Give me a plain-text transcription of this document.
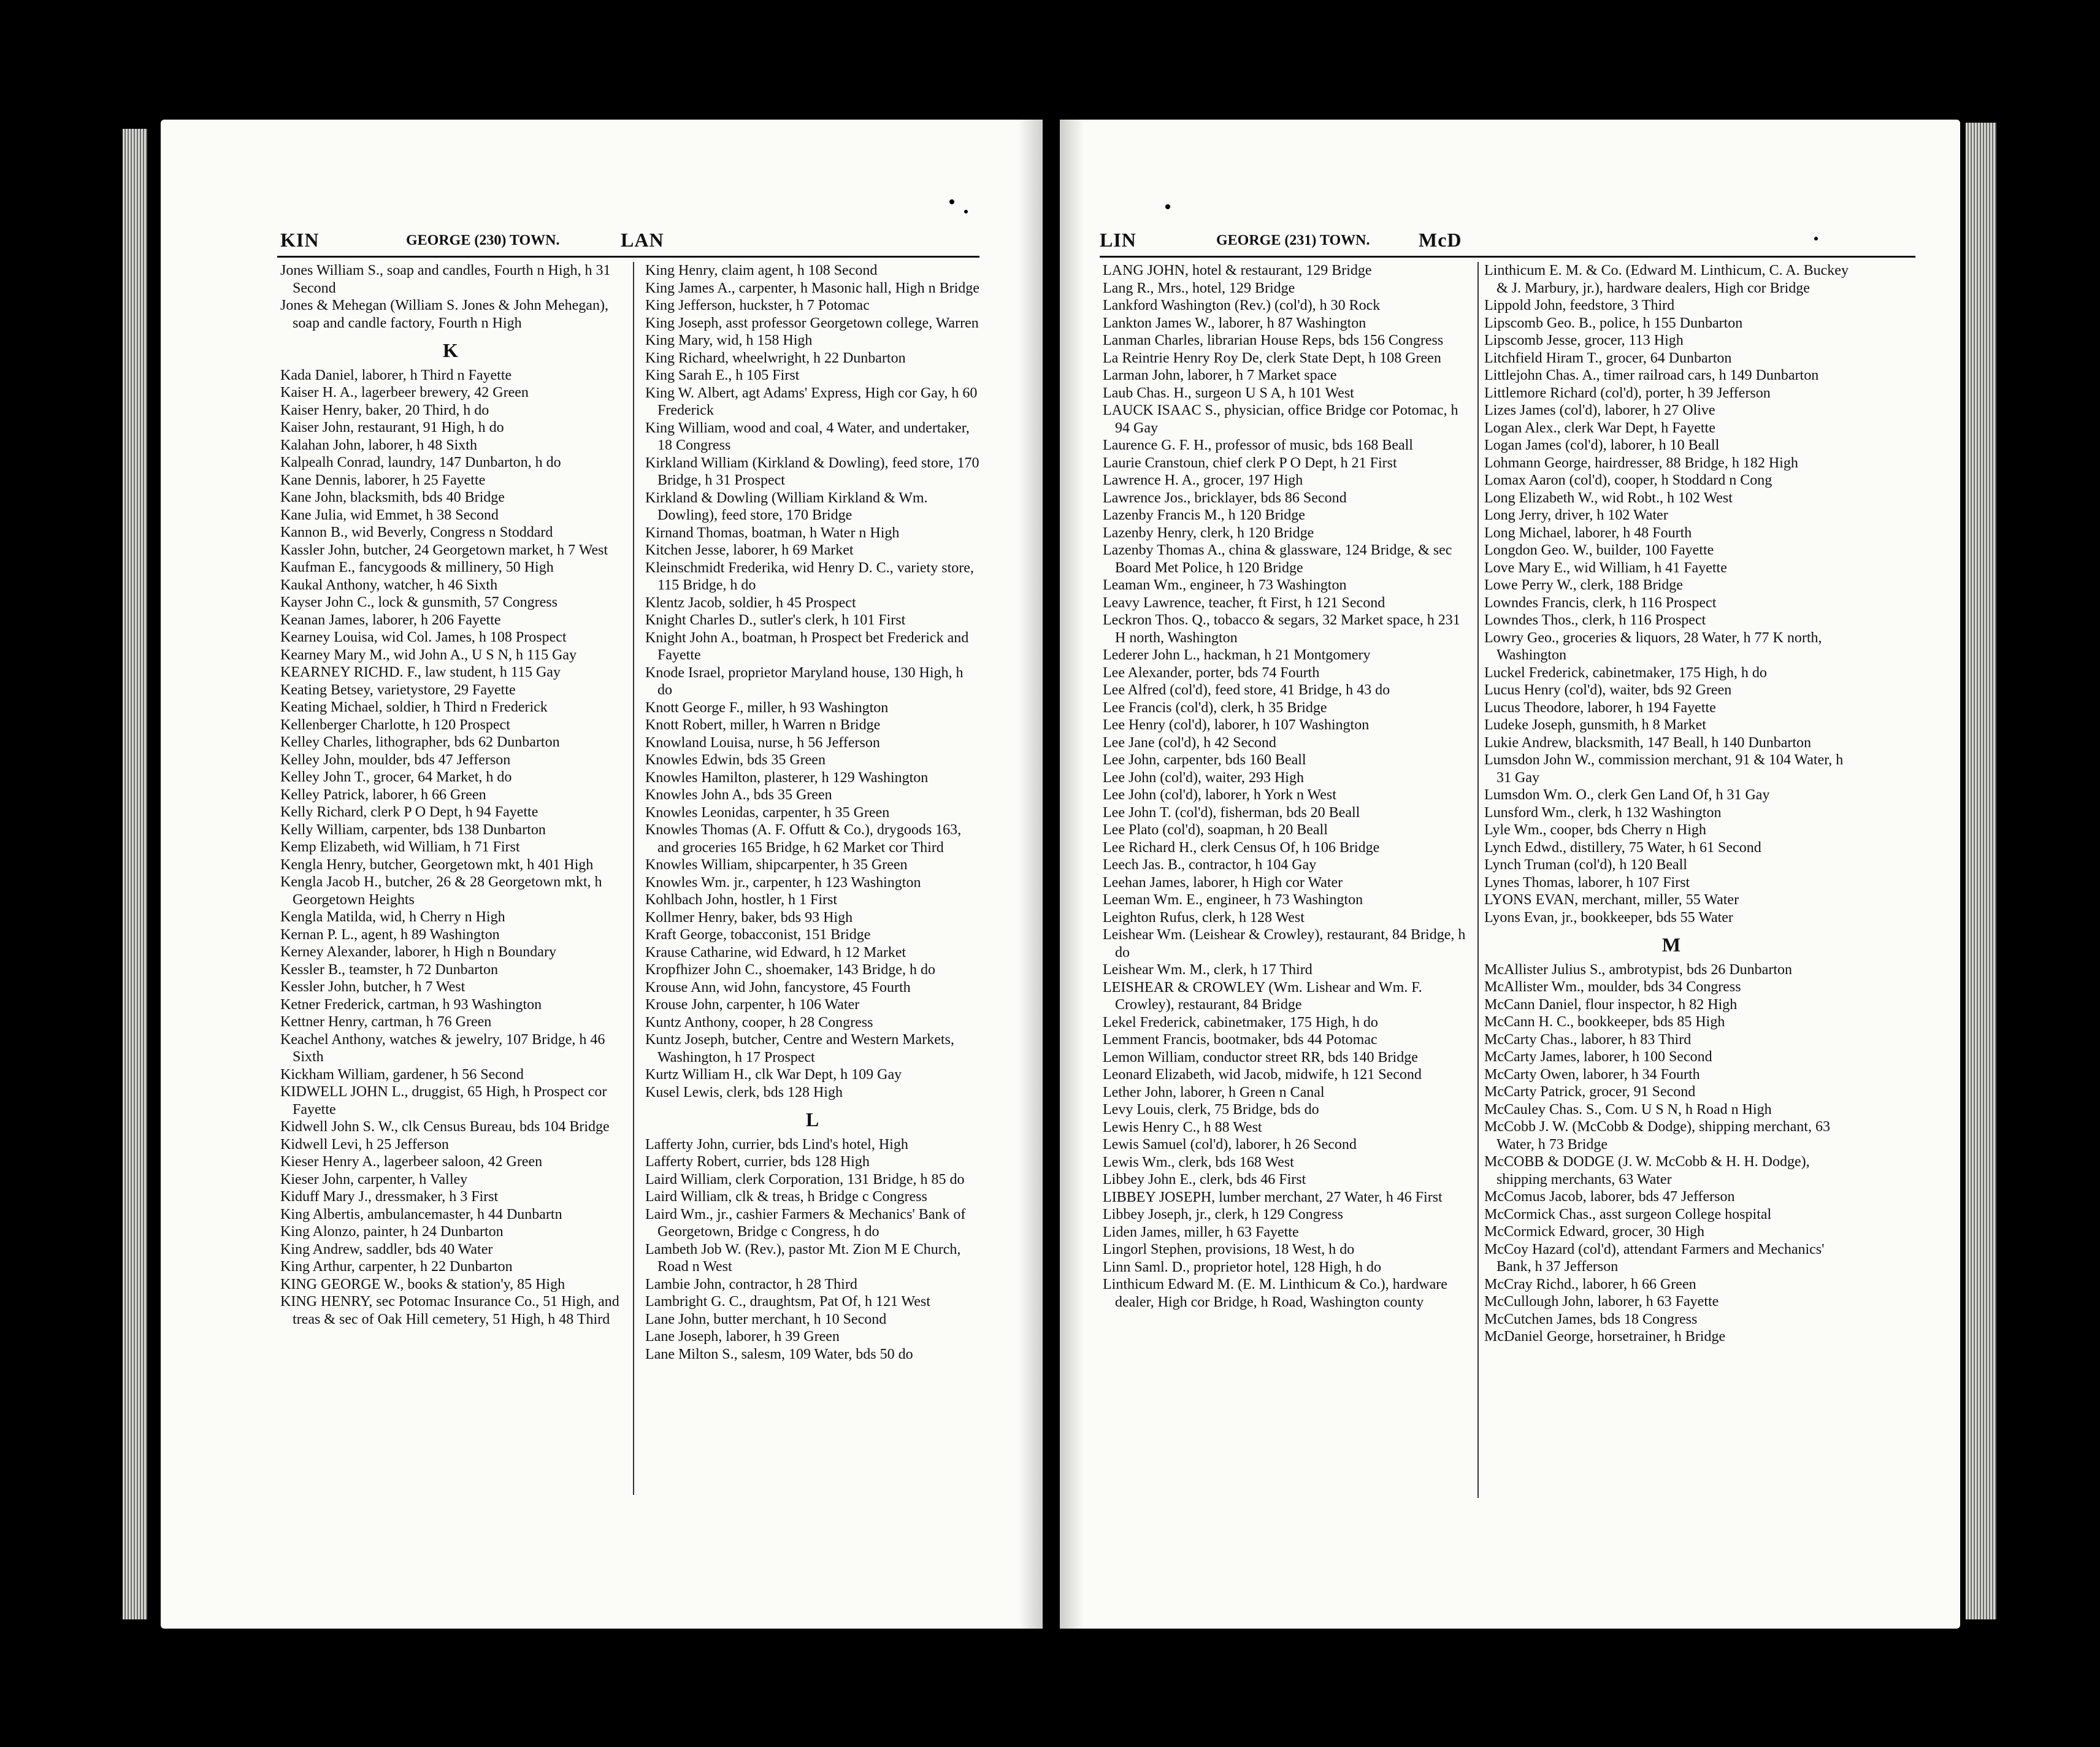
KIN	GEORGE (230) TOWN.	LAN

Jones William S., soap and candles, Fourth n High, h 31 Second

Jones & Mehegan (William S. Jones & John Mehegan), soap and candle factory, Fourth n High

K

Kada Daniel, laborer, h Third n Fayette

Kaiser H. A., lagerbeer brewery, 42 Green

Kaiser Henry, baker, 20 Third, h do

Kaiser John, restaurant, 91 High, h do

Kalahan John, laborer, h 48 Sixth

Kalpealh Conrad, laundry, 147 Dunbarton, h do

Kane Dennis, laborer, h 25 Fayette

Kane John, blacksmith, bds 40 Bridge

Kane Julia, wid Emmet, h 38 Second

Kannon B., wid Beverly, Congress n Stoddard

Kassler John, butcher, 24 Georgetown market, h 7 West

Kaufman E., fancygoods & millinery, 50 High

Kaukal Anthony, watcher, h 46 Sixth

Kayser John C., lock & gunsmith, 57 Congress

Keanan James, laborer, h 206 Fayette

Kearney Louisa, wid Col. James, h 108 Prospect

Kearney Mary M., wid John A., U S N, h 115 Gay

KEARNEY RICHD. F., law student, h 115 Gay

Keating Betsey, varietystore, 29 Fayette

Keating Michael, soldier, h Third n Frederick

Kellenberger Charlotte, h 120 Prospect

Kelley Charles, lithographer, bds 62 Dunbarton

Kelley John, moulder, bds 47 Jefferson

Kelley John T., grocer, 64 Market, h do

Kelley Patrick, laborer, h 66 Green

Kelly Richard, clerk P O Dept, h 94 Fayette

Kelly William, carpenter, bds 138 Dunbarton

Kemp Elizabeth, wid William, h 71 First

Kengla Henry, butcher, Georgetown mkt, h 401 High

Kengla Jacob H., butcher, 26 & 28 Georgetown mkt, h Georgetown Heights

Kengla Matilda, wid, h Cherry n High

Kernan P. L., agent, h 89 Washington

Kerney Alexander, laborer, h High n Boundary

Kessler B., teamster, h 72 Dunbarton

Kessler John, butcher, h 7 West

Ketner Frederick, cartman, h 93 Washington

Kettner Henry, cartman, h 76 Green

Keachel Anthony, watches & jewelry, 107 Bridge, h 46 Sixth

Kickham William, gardener, h 56 Second

KIDWELL JOHN L., druggist, 65 High, h Prospect cor Fayette

Kidwell John S. W., clk Census Bureau, bds 104 Bridge

Kidwell Levi, h 25 Jefferson

Kieser Henry A., lagerbeer saloon, 42 Green

Kieser John, carpenter, h Valley

Kiduff Mary J., dressmaker, h 3 First

King Albertis, ambulancemaster, h 44 Dunbartn

King Alonzo, painter, h 24 Dunbarton

King Andrew, saddler, bds 40 Water

King Arthur, carpenter, h 22 Dunbarton

KING GEORGE W., books & station'y, 85 High

KING HENRY, sec Potomac Insurance Co., 51 High, and treas & sec of Oak Hill cemetery, 51 High, h 48 Third

King Henry, claim agent, h 108 Second

King James A., carpenter, h Masonic hall, High n Bridge

King Jefferson, huckster, h 7 Potomac

King Joseph, asst professor Georgetown college, Warren

King Mary, wid, h 158 High

King Richard, wheelwright, h 22 Dunbarton

King Sarah E., h 105 First

King W. Albert, agt Adams' Express, High cor Gay, h 60 Frederick

King William, wood and coal, 4 Water, and undertaker, 18 Congress

Kirkland William (Kirkland & Dowling), feed store, 170 Bridge, h 31 Prospect

Kirkland & Dowling (William Kirkland & Wm. Dowling), feed store, 170 Bridge

Kirnand Thomas, boatman, h Water n High

Kitchen Jesse, laborer, h 69 Market

Kleinschmidt Frederika, wid Henry D. C., variety store, 115 Bridge, h do

Klentz Jacob, soldier, h 45 Prospect

Knight Charles D., sutler's clerk, h 101 First

Knight John A., boatman, h Prospect bet Frederick and Fayette

Knode Israel, proprietor Maryland house, 130 High, h do

Knott George F., miller, h 93 Washington

Knott Robert, miller, h Warren n Bridge

Knowland Louisa, nurse, h 56 Jefferson

Knowles Edwin, bds 35 Green

Knowles Hamilton, plasterer, h 129 Washington

Knowles John A., bds 35 Green

Knowles Leonidas, carpenter, h 35 Green

Knowles Thomas (A. F. Offutt & Co.), drygoods 163, and groceries 165 Bridge, h 62 Market cor Third

Knowles William, shipcarpenter, h 35 Green

Knowles Wm. jr., carpenter, h 123 Washington

Kohlbach John, hostler, h 1 First

Kollmer Henry, baker, bds 93 High

Kraft George, tobacconist, 151 Bridge

Krause Catharine, wid Edward, h 12 Market

Kropfhizer John C., shoemaker, 143 Bridge, h do

Krouse Ann, wid John, fancystore, 45 Fourth

Krouse John, carpenter, h 106 Water

Kuntz Anthony, cooper, h 28 Congress

Kuntz Joseph, butcher, Centre and Western Markets, Washington, h 17 Prospect

Kurtz William H., clk War Dept, h 109 Gay

Kusel Lewis, clerk, bds 128 High

L

Lafferty John, currier, bds Lind's hotel, High

Lafferty Robert, currier, bds 128 High

Laird William, clerk Corporation, 131 Bridge, h 85 do

Laird William, clk & treas, h Bridge c Congress

Laird Wm., jr., cashier Farmers & Mechanics' Bank of Georgetown, Bridge c Congress, h do

Lambeth Job W. (Rev.), pastor Mt. Zion M E Church, Road n West

Lambie John, contractor, h 28 Third

Lambright G. C., draughtsm, Pat Of, h 121 West

Lane John, butter merchant, h 10 Second

Lane Joseph, laborer, h 39 Green

Lane Milton S., salesm, 109 Water, bds 50 do

LIN	GEORGE (231) TOWN. McD

LANG JOHN, hotel & restaurant, 129 Bridge

Lang R., Mrs., hotel, 129 Bridge

Lankford Washington (Rev.) (col'd), h 30 Rock

Lankton James W., laborer, h 87 Washington

Lanman Charles, librarian House Reps, bds 156 Congress

La Reintrie Henry Roy De, clerk State Dept, h 108 Green

Larman John, laborer, h 7 Market space

Laub Chas. H., surgeon U S A, h 101 West

LAUCK ISAAC S., physician, office Bridge cor Potomac, h 94 Gay

Laurence G. F. H., professor of music, bds 168 Beall

Laurie Cranstoun, chief clerk P O Dept, h 21 First

Lawrence H. A., grocer, 197 High

Lawrence Jos., bricklayer, bds 86 Second

Lazenby Francis M., h 120 Bridge

Lazenby Henry, clerk, h 120 Bridge

Lazenby Thomas A., china & glassware, 124 Bridge, & sec Board Met Police, h 120 Bridge

Leaman Wm., engineer, h 73 Washington

Leavy Lawrence, teacher, ft First, h 121 Second

Leckron Thos. Q., tobacco & segars, 32 Market space, h 231 H north, Washington

Lederer John L., hackman, h 21 Montgomery

Lee Alexander, porter, bds 74 Fourth

Lee Alfred (col'd), feed store, 41 Bridge, h 43 do

Lee Francis (col'd), clerk, h 35 Bridge

Lee Henry (col'd), laborer, h 107 Washington

Lee Jane (col'd), h 42 Second

Lee John, carpenter, bds 160 Beall

Lee John (col'd), waiter, 293 High

Lee John (col'd), laborer, h York n West

Lee John T. (col'd), fisherman, bds 20 Beall

Lee Plato (col'd), soapman, h 20 Beall

Lee Richard H., clerk Census Of, h 106 Bridge

Leech Jas. B., contractor, h 104 Gay

Leehan James, laborer, h High cor Water

Leeman Wm. E., engineer, h 73 Washington

Leighton Rufus, clerk, h 128 West

Leishear Wm. (Leishear & Crowley), restaurant, 84 Bridge, h do

Leishear Wm. M., clerk, h 17 Third

LEISHEAR & CROWLEY (Wm. Lishear and Wm. F. Crowley), restaurant, 84 Bridge

Lekel Frederick, cabinetmaker, 175 High, h do

Lemment Francis, bootmaker, bds 44 Potomac

Lemon William, conductor street RR, bds 140 Bridge

Leonard Elizabeth, wid Jacob, midwife, h 121 Second

Lether John, laborer, h Green n Canal

Levy Louis, clerk, 75 Bridge, bds do

Lewis Henry C., h 88 West

Lewis Samuel (col'd), laborer, h 26 Second

Lewis Wm., clerk, bds 168 West

Libbey John E., clerk, bds 46 First

LIBBEY JOSEPH, lumber merchant, 27 Water, h 46 First

Libbey Joseph, jr., clerk, h 129 Congress

Liden James, miller, h 63 Fayette

Lingorl Stephen, provisions, 18 West, h do

Linn Saml. D., proprietor hotel, 128 High, h do

Linthicum Edward M. (E. M. Linthicum & Co.), hardware dealer, High cor Bridge, h Road, Washington county

Linthicum E. M. & Co. (Edward M. Linthicum, C. A. Buckey & J. Marbury, jr.), hardware dealers, High cor Bridge

Lippold John, feedstore, 3 Third

Lipscomb Geo. B., police, h 155 Dunbarton

Lipscomb Jesse, grocer, 113 High

Litchfield Hiram T., grocer, 64 Dunbarton

Littlejohn Chas. A., timer railroad cars, h 149 Dunbarton

Littlemore Richard (col'd), porter, h 39 Jefferson

Lizes James (col'd), laborer, h 27 Olive

Logan Alex., clerk War Dept, h Fayette

Logan James (col'd), laborer, h 10 Beall

Lohmann George, hairdresser, 88 Bridge, h 182 High

Lomax Aaron (col'd), cooper, h Stoddard n Cong

Long Elizabeth W., wid Robt., h 102 West

Long Jerry, driver, h 102 Water

Long Michael, laborer, h 48 Fourth

Longdon Geo. W., builder, 100 Fayette

Love Mary E., wid William, h 41 Fayette

Lowe Perry W., clerk, 188 Bridge

Lowndes Francis, clerk, h 116 Prospect

Lowndes Thos., clerk, h 116 Prospect

Lowry Geo., groceries & liquors, 28 Water, h 77 K north, Washington

Luckel Frederick, cabinetmaker, 175 High, h do

Lucus Henry (col'd), waiter, bds 92 Green

Lucus Theodore, laborer, h 194 Fayette

Ludeke Joseph, gunsmith, h 8 Market

Lukie Andrew, blacksmith, 147 Beall, h 140 Dunbarton

Lumsdon John W., commission merchant, 91 & 104 Water, h 31 Gay

Lumsdon Wm. O., clerk Gen Land Of, h 31 Gay

Lunsford Wm., clerk, h 132 Washington

Lyle Wm., cooper, bds Cherry n High

Lynch Edwd., distillery, 75 Water, h 61 Second

Lynch Truman (col'd), h 120 Beall

Lynes Thomas, laborer, h 107 First

LYONS EVAN, merchant, miller, 55 Water

Lyons Evan, jr., bookkeeper, bds 55 Water

M

McAllister Julius S., ambrotypist, bds 26 Dunbarton

McAllister Wm., moulder, bds 34 Congress

McCann Daniel, flour inspector, h 82 High

McCann H. C., bookkeeper, bds 85 High

McCarty Chas., laborer, h 83 Third

McCarty James, laborer, h 100 Second

McCarty Owen, laborer, h 34 Fourth

McCarty Patrick, grocer, 91 Second

McCauley Chas. S., Com. U S N, h Road n High

McCobb J. W. (McCobb & Dodge), shipping merchant, 63 Water, h 73 Bridge

McCOBB & DODGE (J. W. McCobb & H. H. Dodge), shipping merchants, 63 Water

McComus Jacob, laborer, bds 47 Jefferson

McCormick Chas., asst surgeon College hospital

McCormick Edward, grocer, 30 High

McCoy Hazard (col'd), attendant Farmers and Mechanics' Bank, h 37 Jefferson

McCray Richd., laborer, h 66 Green

McCullough John, laborer, h 63 Fayette

McCutchen James, bds 18 Congress

McDaniel George, horsetrainer, h Bridge
